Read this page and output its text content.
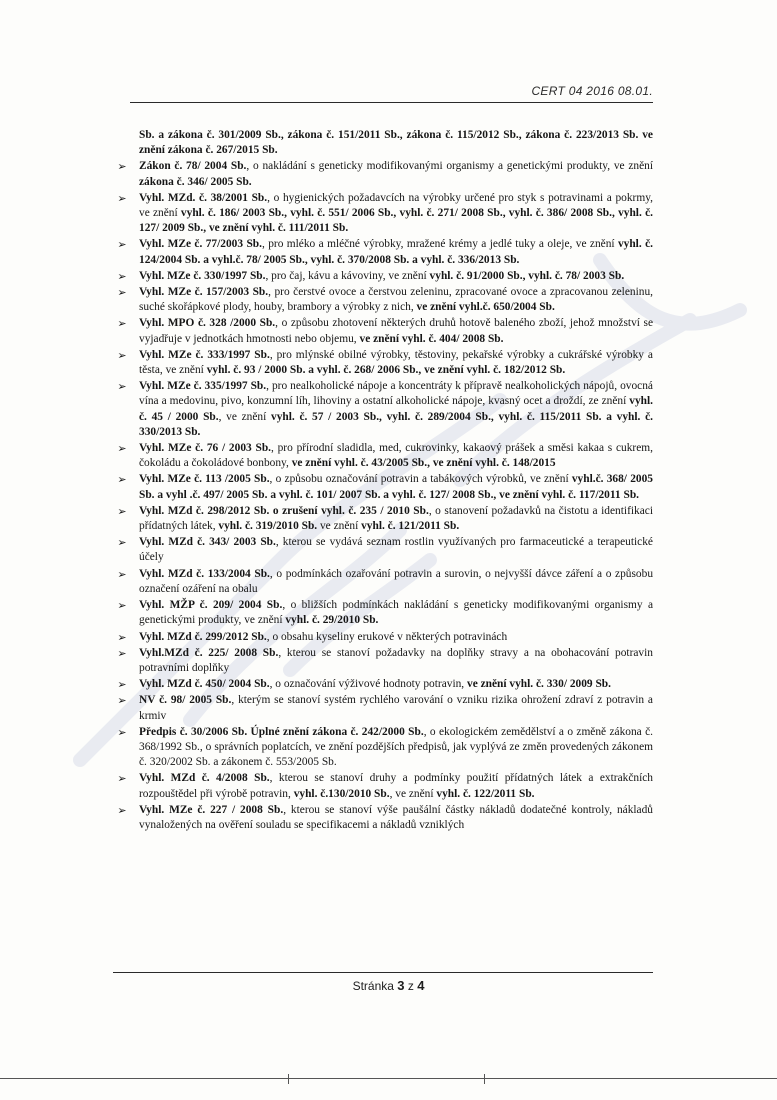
CERT 04 2016 08.01.
Sb. a zákona č. 301/2009 Sb., zákona č. 151/2011 Sb., zákona č. 115/2012 Sb., zákona č. 223/2013 Sb. ve znění zákona č. 267/2015 Sb.
➢ Zákon č. 78/ 2004 Sb., o nakládání s geneticky modifikovanými organismy a genetickými produkty, ve znění zákona č. 346/ 2005 Sb.
➢ Vyhl. MZd. č. 38/2001 Sb., o hygienických požadavcích na výrobky určené pro styk s potravinami a pokrmy, ve znění vyhl. č. 186/ 2003 Sb., vyhl. č. 551/ 2006 Sb., vyhl. č. 271/ 2008 Sb., vyhl. č. 386/ 2008 Sb., vyhl. č. 127/ 2009 Sb., ve znění vyhl. č. 111/2011 Sb.
➢ Vyhl. MZe č. 77/2003 Sb., pro mléko a mléčné výrobky, mražené krémy a jedlé tuky a oleje, ve znění vyhl. č. 124/2004 Sb. a vyhl.č. 78/ 2005 Sb., vyhl. č. 370/2008 Sb. a vyhl. č. 336/2013 Sb.
➢ Vyhl. MZe č. 330/1997 Sb., pro čaj, kávu a kávoviny, ve znění vyhl. č. 91/2000 Sb., vyhl. č. 78/ 2003 Sb.
➢ Vyhl. MZe č. 157/2003 Sb., pro čerstvé ovoce a čerstvou zeleninu, zpracované ovoce a zpracovanou zeleninu, suché skořápkové plody, houby, brambory a výrobky z nich, ve znění vyhl.č. 650/2004 Sb.
➢ Vyhl. MPO č. 328 /2000 Sb., o způsobu zhotovení některých druhů hotově baleného zboží, jehož množství se vyjadřuje v jednotkách hmotnosti nebo objemu, ve znění vyhl. č. 404/ 2008 Sb.
➢ Vyhl. MZe č. 333/1997 Sb., pro mlýnské obilné výrobky, těstoviny, pekařské výrobky a cukrářské výrobky a těsta, ve znění vyhl. č. 93 / 2000 Sb. a vyhl. č. 268/ 2006 Sb., ve znění vyhl. č. 182/2012 Sb.
➢ Vyhl. MZe č. 335/1997 Sb., pro nealkoholické nápoje a koncentráty k přípravě nealkoholických nápojů, ovocná vína a medovinu, pivo, konzumní líh, lihoviny a ostatní alkoholické nápoje, kvasný ocet a droždí, ze znění vyhl. č. 45 / 2000 Sb., ve znění vyhl. č. 57 / 2003 Sb., vyhl. č. 289/2004 Sb., vyhl. č. 115/2011 Sb. a vyhl. č. 330/2013 Sb.
➢ Vyhl. MZe č. 76 / 2003 Sb., pro přírodní sladidla, med, cukrovinky, kakaový prášek a směsi kakaa s cukrem, čokoládu a čokoládové bonbony, ve znění vyhl. č. 43/2005 Sb., ve znění vyhl. č. 148/2015
➢ Vyhl. MZe č. 113 /2005 Sb., o způsobu označování potravin a tabákových výrobků, ve znění vyhl.č. 368/ 2005 Sb. a vyhl .č. 497/ 2005 Sb. a vyhl. č. 101/ 2007 Sb. a vyhl. č. 127/ 2008 Sb., ve znění vyhl. č. 117/2011 Sb.
➢ Vyhl. MZd č. 298/2012 Sb. o zrušení vyhl. č. 235 / 2010 Sb., o stanovení požadavků na čistotu a identifikaci přídatných látek, vyhl. č. 319/2010 Sb. ve znění vyhl. č. 121/2011 Sb.
➢ Vyhl. MZd č. 343/ 2003 Sb., kterou se vydává seznam rostlin využívaných pro farmaceutické a terapeutické účely
➢ Vyhl. MZd č. 133/2004 Sb., o podmínkách ozařování potravin a surovin, o nejvyšší dávce záření a o způsobu označení ozáření na obalu
➢ Vyhl. MŽP č. 209/ 2004 Sb., o bližších podmínkách nakládání s geneticky modifikovanými organismy a genetickými produkty, ve znění vyhl. č. 29/2010 Sb.
➢ Vyhl. MZd č. 299/2012 Sb., o obsahu kyseliny erukové v některých potravinách
➢ Vyhl.MZd č. 225/ 2008 Sb., kterou se stanoví požadavky na doplňky stravy a na obohacování potravin potravními doplňky
➢ Vyhl. MZd č. 450/ 2004 Sb., o označování výživové hodnoty potravin, ve znění vyhl. č. 330/ 2009 Sb.
➢ NV č. 98/ 2005 Sb., kterým se stanoví systém rychlého varování o vzniku rizika ohrožení zdraví z potravin a krmiv
➢ Předpis č. 30/2006 Sb. Úplné znění zákona č. 242/2000 Sb., o ekologickém zemědělství a o změně zákona č. 368/1992 Sb., o správních poplatcích, ve znění pozdějších předpisů, jak vyplývá ze změn provedených zákonem č. 320/2002 Sb. a zákonem č. 553/2005 Sb.
➢ Vyhl. MZd č. 4/2008 Sb., kterou se stanoví druhy a podmínky použití přídatných látek a extrakčních rozpouštědel při výrobě potravin, vyhl. č.130/2010 Sb., ve znění vyhl. č. 122/2011 Sb.
➢ Vyhl. MZe č. 227 / 2008 Sb., kterou se stanoví výše paušální částky nákladů dodatečné kontroly, nákladů vynaložených na ověření souladu se specifikacemi a nákladů vzniklých
Stránka 3 z 4
